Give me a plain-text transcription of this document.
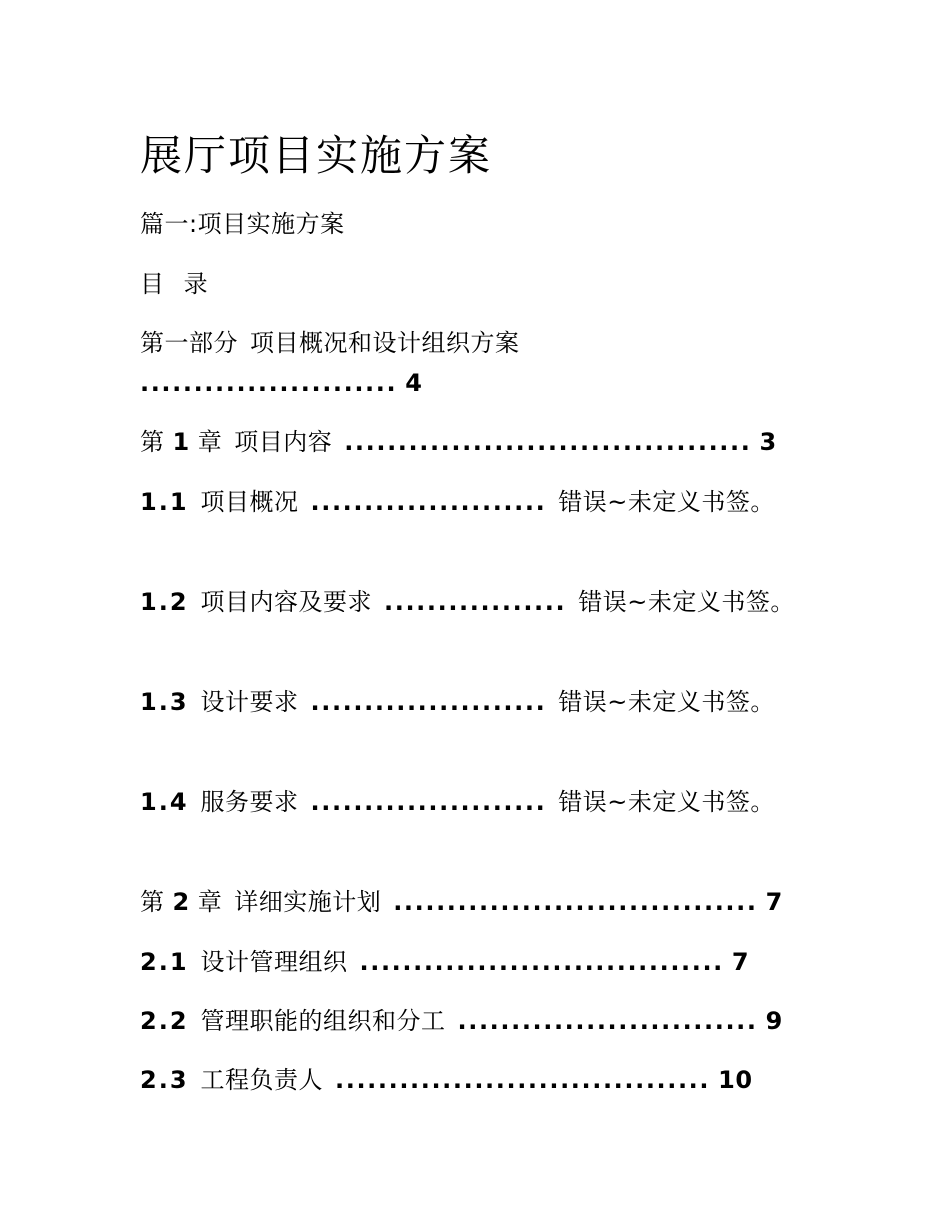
展厅项目实施方案
篇一:项目实施方案
目 录
第一部分 项目概况和设计组织方案
........................ 4
第 1 章 项目内容 ...................................... 3
1.1 项目概况 ...................... 错误~未定义书签。
1.2 项目内容及要求 ................. 错误~未定义书签。
1.3 设计要求 ...................... 错误~未定义书签。
1.4 服务要求 ...................... 错误~未定义书签。
第 2 章 详细实施计划 .................................. 7
2.1 设计管理组织 .................................. 7
2.2 管理职能的组织和分工 ............................ 9
2.3 工程负责人 ................................... 10
